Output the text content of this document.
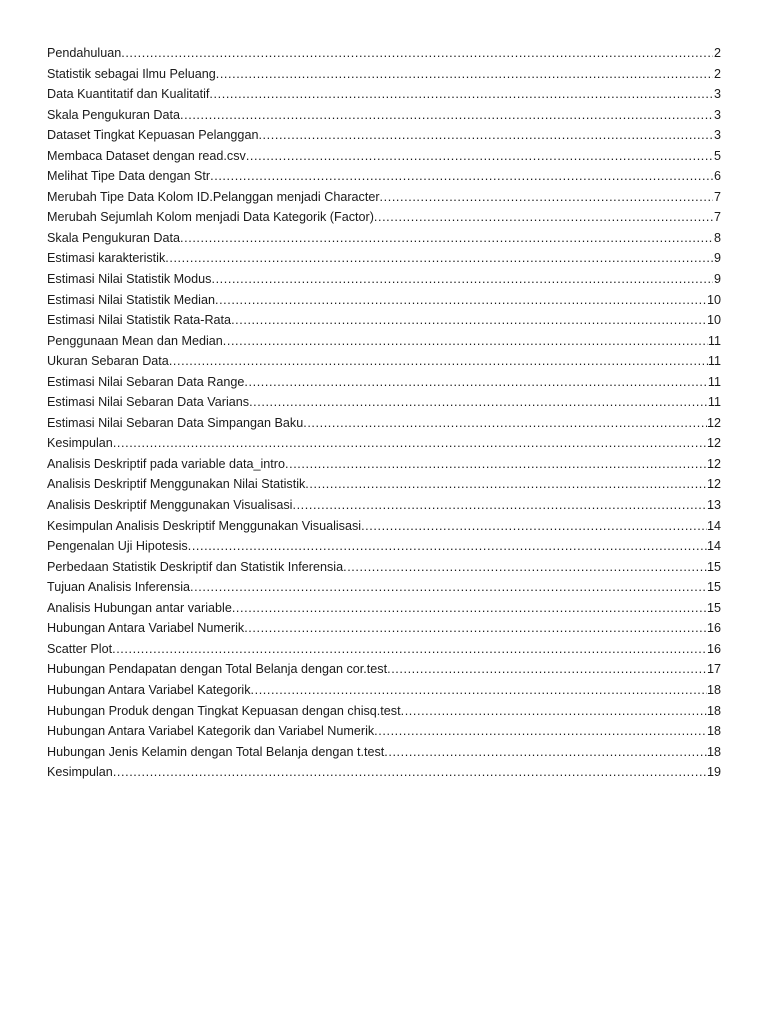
Pendahuluan .....	2
Statistik sebagai Ilmu Peluang .....	2
Data Kuantitatif dan Kualitatif .....	3
Skala Pengukuran Data .....	3
Dataset Tingkat Kepuasan Pelanggan .....	3
Membaca Dataset dengan read.csv .....	5
Melihat Tipe Data dengan Str .....	6
Merubah Tipe Data Kolom ID.Pelanggan menjadi Character .....	7
Merubah Sejumlah Kolom menjadi Data Kategorik (Factor) .....	7
Skala Pengukuran Data .....	8
Estimasi karakteristik .....	9
Estimasi Nilai Statistik Modus .....	9
Estimasi Nilai Statistik Median .....	10
Estimasi Nilai Statistik Rata-Rata .....	10
Penggunaan Mean dan Median .....	11
Ukuran Sebaran Data .....	11
Estimasi Nilai Sebaran Data Range .....	11
Estimasi Nilai Sebaran Data Varians .....	11
Estimasi Nilai Sebaran Data Simpangan Baku .....	12
Kesimpulan .....	12
Analisis Deskriptif pada variable data_intro .....	12
Analisis Deskriptif Menggunakan Nilai Statistik .....	12
Analisis Deskriptif Menggunakan Visualisasi .....	13
Kesimpulan Analisis Deskriptif Menggunakan Visualisasi .....	14
Pengenalan Uji Hipotesis .....	14
Perbedaan Statistik Deskriptif dan Statistik Inferensia .....	15
Tujuan Analisis Inferensia .....	15
Analisis Hubungan antar variable .....	15
Hubungan Antara Variabel Numerik .....	16
Scatter Plot .....	16
Hubungan Pendapatan dengan Total Belanja dengan cor.test .....	17
Hubungan Antara Variabel Kategorik .....	18
Hubungan Produk dengan Tingkat Kepuasan dengan chisq.test .....	18
Hubungan Antara Variabel Kategorik dan Variabel Numerik .....	18
Hubungan Jenis Kelamin dengan Total Belanja dengan t.test .....	18
Kesimpulan .....	19
